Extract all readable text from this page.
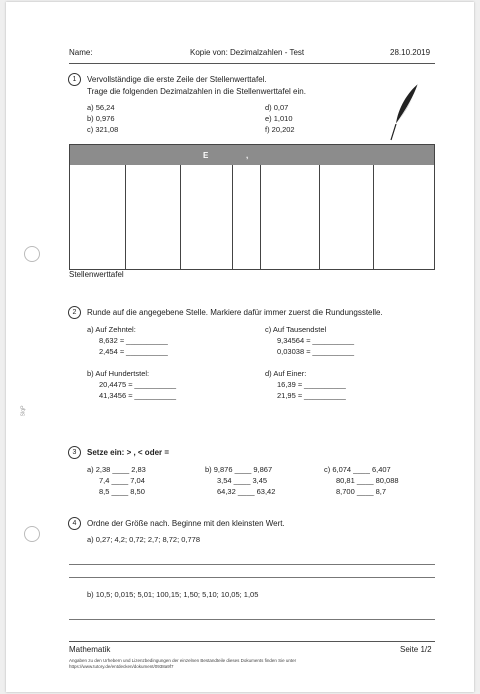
SIqP
Name:	Kopie von: Dezimalzahlen - Test	28.10.2019
1	Vervollständige die erste Zeile der Stellenwerttafel.
Trage die folgenden Dezimalzahlen in die Stellenwerttafel ein.
a) 56,24
b) 0,976
c) 321,08
d) 0,07
e) 1,010
f) 20,202
E	,
Stellenwerttafel
2	Runde auf die angegebene Stelle. Markiere dafür immer zuerst die Rundungsstelle.
a) Auf Zehntel:
8,632 ≈ __________
2,454 ≈ __________
c) Auf Tausendstel
9,34564 ≈ __________
0,03038 ≈ __________
b) Auf Hundertstel:
20,4475 ≈ __________
41,3456 ≈ __________
d) Auf Einer:
16,39 ≈ __________
21,95 ≈ __________
3	Setze ein: > , < oder =
a) 2,38 ____ 2,83
7,4 ____ 7,04
8,5 ____ 8,50
b) 9,876 ____ 9,867
3,54 ____ 3,45
64,32 ____ 63,42
c) 6,074 ____ 6,407
80,81 ____ 80,088
8,700 ____ 8,7
4	Ordne der Größe nach. Beginne mit den kleinsten Wert.
a) 0,27; 4,2; 0,72; 2,7; 8,72; 0,778
b) 10,5; 0,015; 5,01; 100,15; 1,50; 5,10; 10,05; 1,05
Mathematik	Seite 1/2
Angaben zu den Urhebern und Lizenzbedingungen der einzelnen Bestandteile dieses Dokuments finden Sie unter
https://www.tutory.de/entdecken/dokument/0938a9f7
